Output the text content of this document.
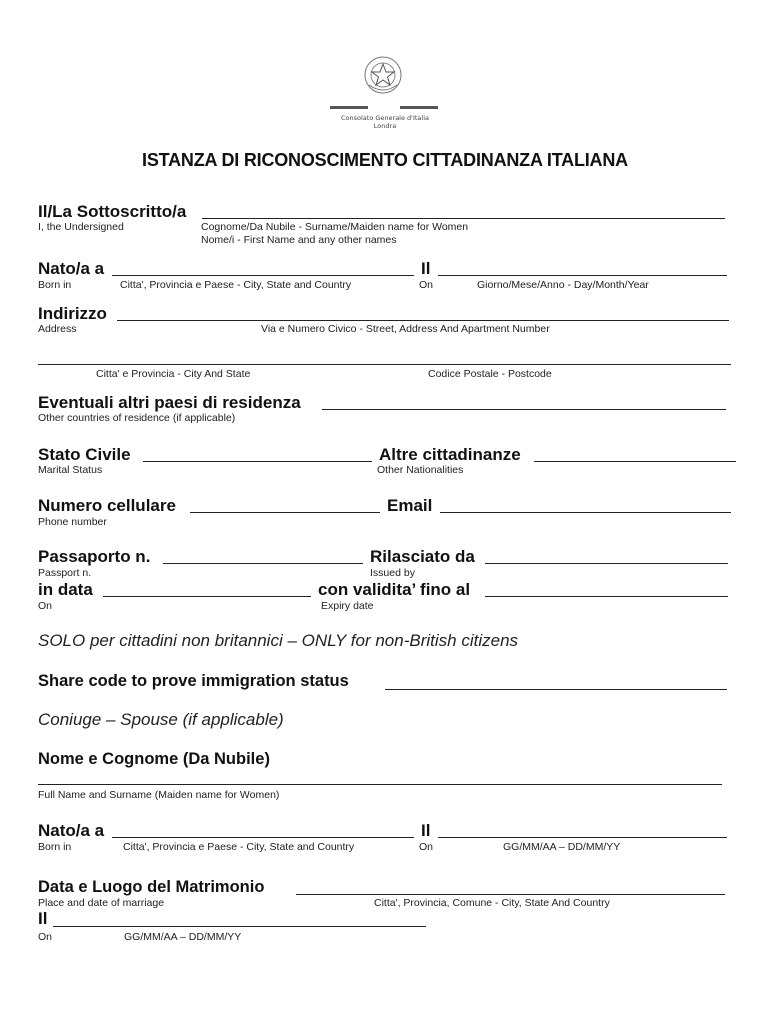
Consolato Generale d'Italia
Londra
ISTANZA DI RICONOSCIMENTO CITTADINANZA ITALIANA
Il/La Sottoscritto/a
I, the Undersigned	Cognome/Da Nubile - Surname/Maiden name for Women
Nome/i - First Name and any other names
Nato/a a	Il
Born in	Citta', Provincia e Paese - City, State and Country	On	Giorno/Mese/Anno - Day/Month/Year
Indirizzo
Address	Via e Numero Civico - Street, Address And Apartment Number
Citta' e Provincia - City And State	Codice Postale - Postcode
Eventuali altri paesi di residenza
Other countries of residence (if applicable)
Stato Civile	Altre cittadinanze
Marital Status	Other Nationalities
Numero cellulare	Email
Phone number
Passaporto n.	Rilasciato da
Passport n.	Issued by
in data	con validita’ fino al
On	Expiry date
SOLO per cittadini non britannici – ONLY for non-British citizens
Share code to prove immigration status
Coniuge – Spouse (if applicable)
Nome e Cognome (Da Nubile)
Full Name and Surname (Maiden name for Women)
Nato/a a	Il
Born in	Citta', Provincia e Paese - City, State and Country	On	GG/MM/AA – DD/MM/YY
Data e Luogo del Matrimonio
Place and date of marriage	Citta', Provincia, Comune - City, State And Country
Il
On	GG/MM/AA – DD/MM/YY
